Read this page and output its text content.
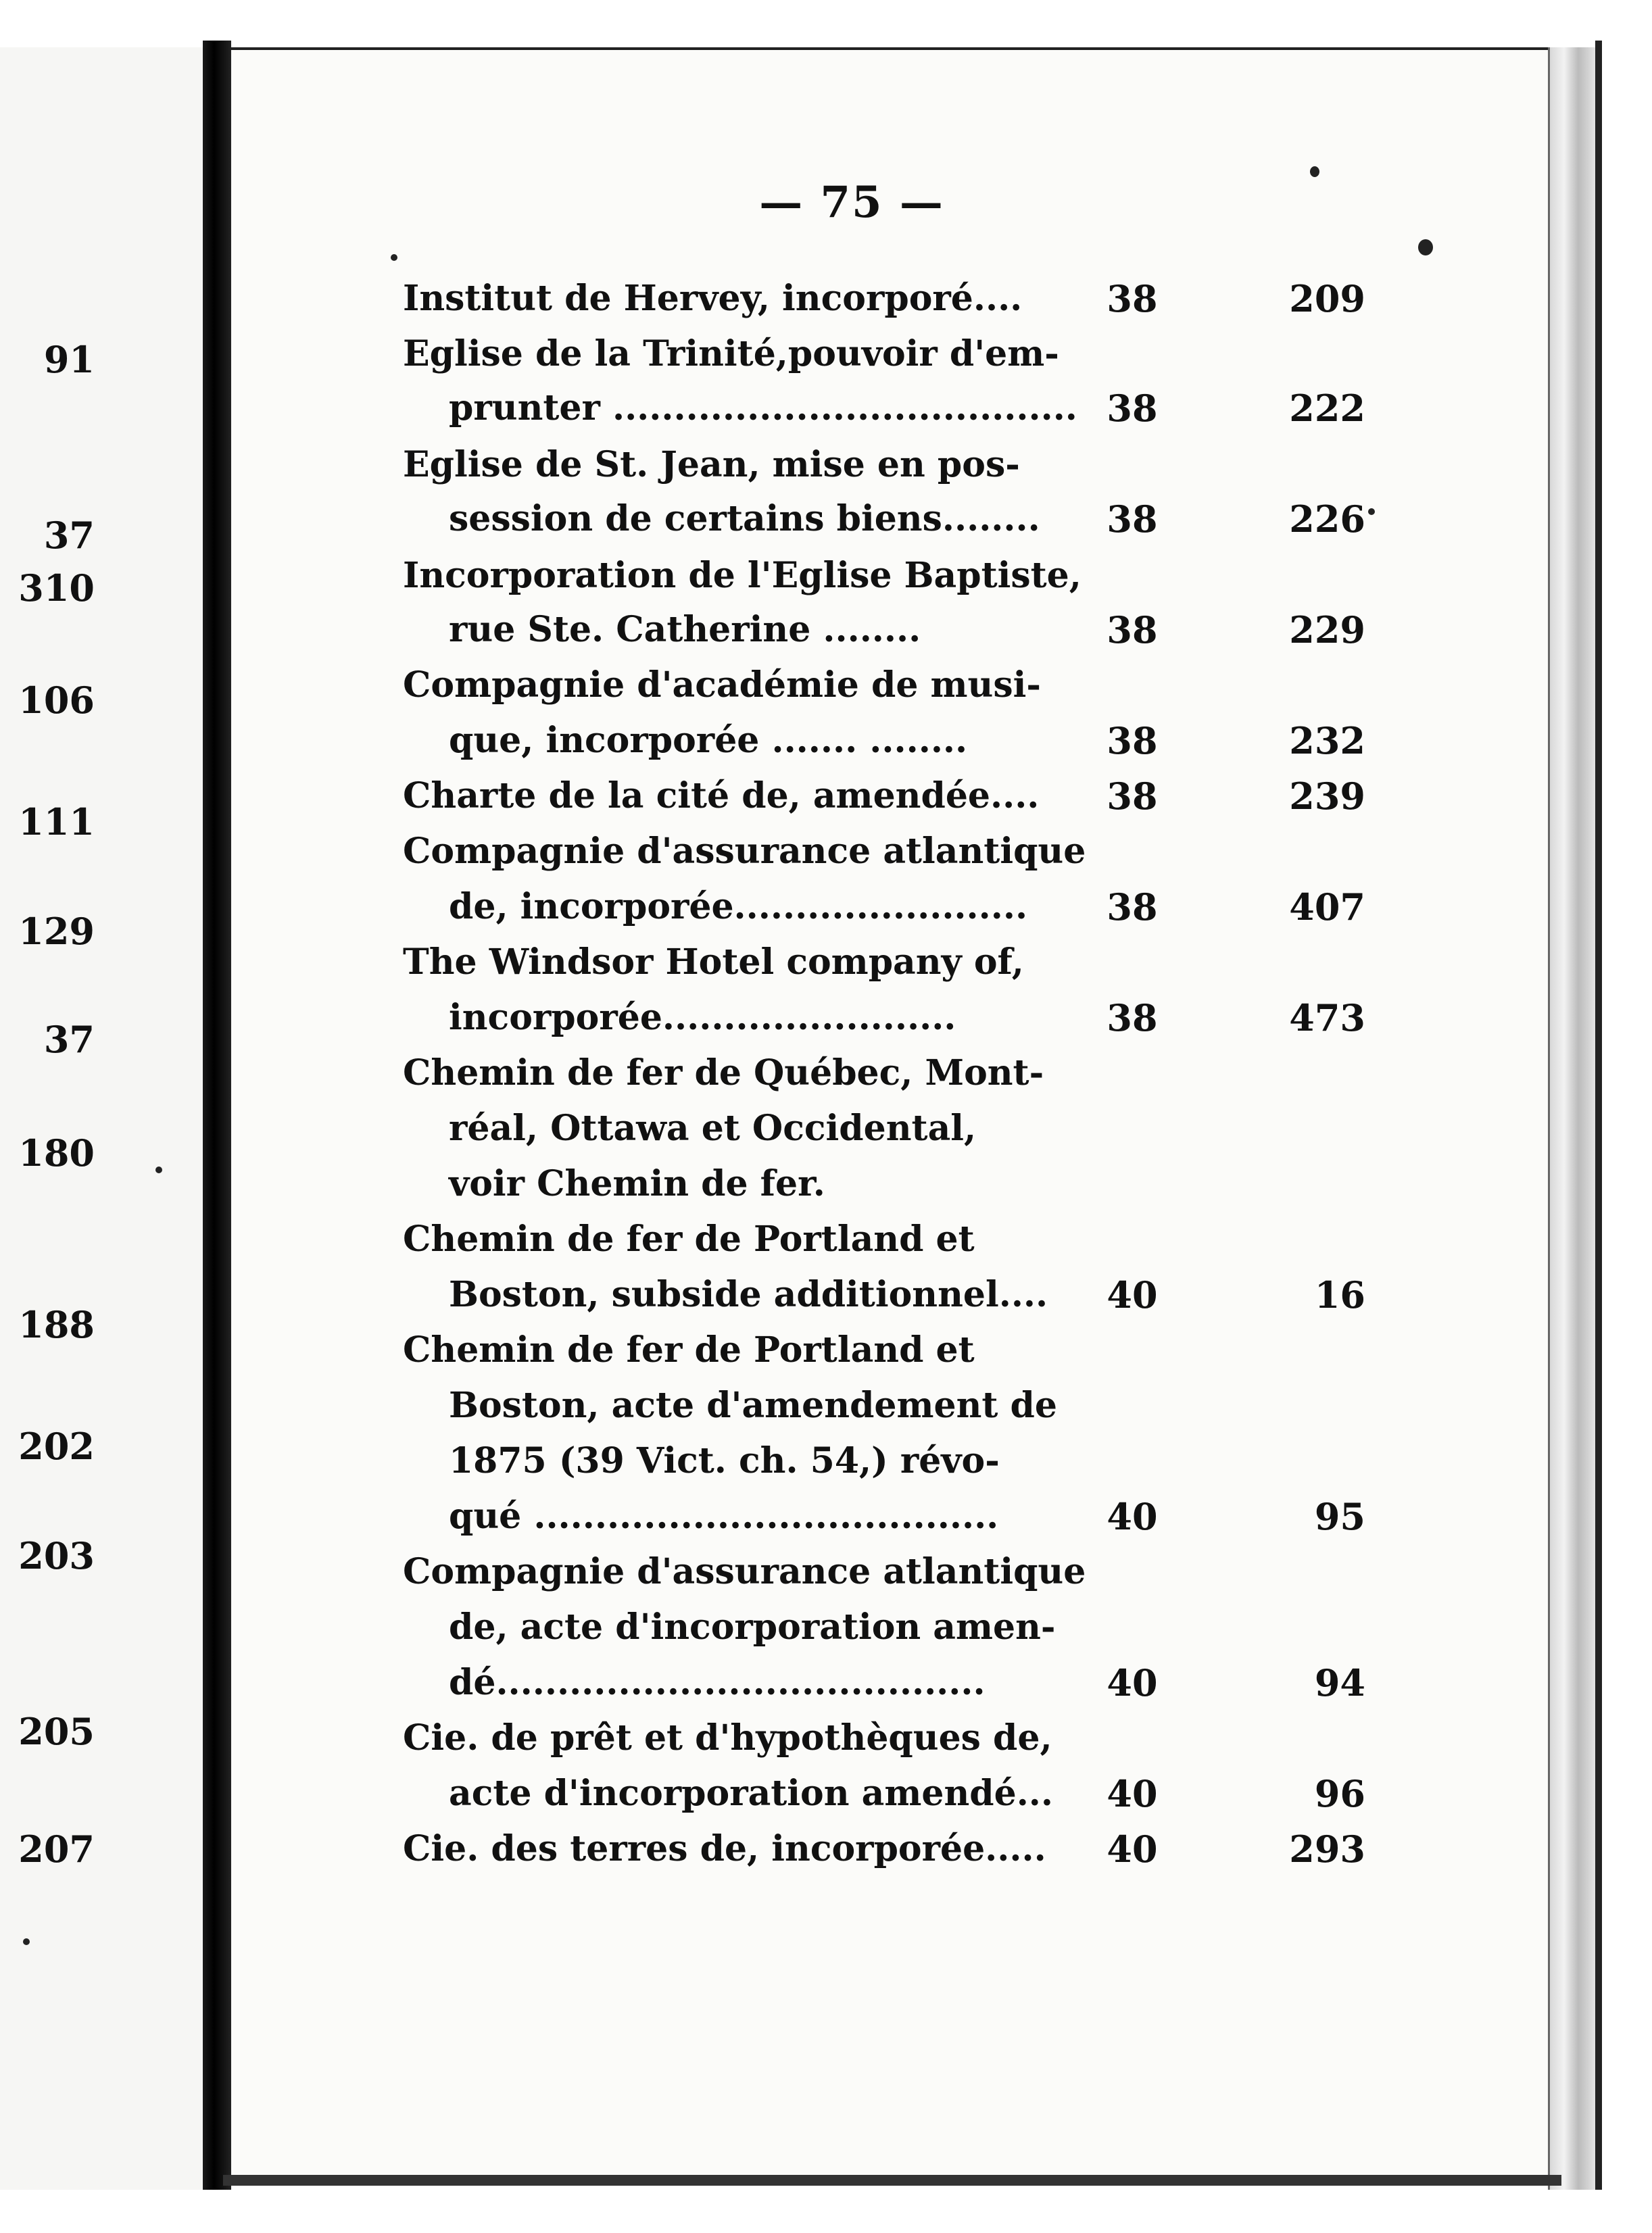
91
37
310
106
111
129
37
180
188
202
203
205
207
— 75 —
Institut de Hervey, incorporé....	38	209
Eglise de la Trinité,pouvoir d'em-
prunter ...................................... 38	222
Eglise de St. Jean, mise en pos-
session de certains biens........	38	226
Incorporation de l'Eglise Baptiste,
rue Ste. Catherine ........	38	229
Compagnie d'académie de musi-
que, incorporée ....... ........	38	232
Charte de la cité de, amendée....	38	239
Compagnie d'assurance atlantique
de, incorporée........................	38	407
The Windsor Hotel company of,
incorporée........................	38	473
Chemin de fer de Québec, Mont-
réal, Ottawa et Occidental,
voir Chemin de fer.
Chemin de fer de Portland et
Boston, subside additionnel....	40	16
Chemin de fer de Portland et
Boston, acte d'amendement de
1875 (39 Vict. ch. 54,) révo-
qué ......................................	40	95
Compagnie d'assurance atlantique
de, acte d'incorporation amen-
dé........................................	40	94
Cie. de prêt et d'hypothèques de,
acte d'incorporation amendé...	40	96
Cie. des terres de, incorporée.....	40	293
